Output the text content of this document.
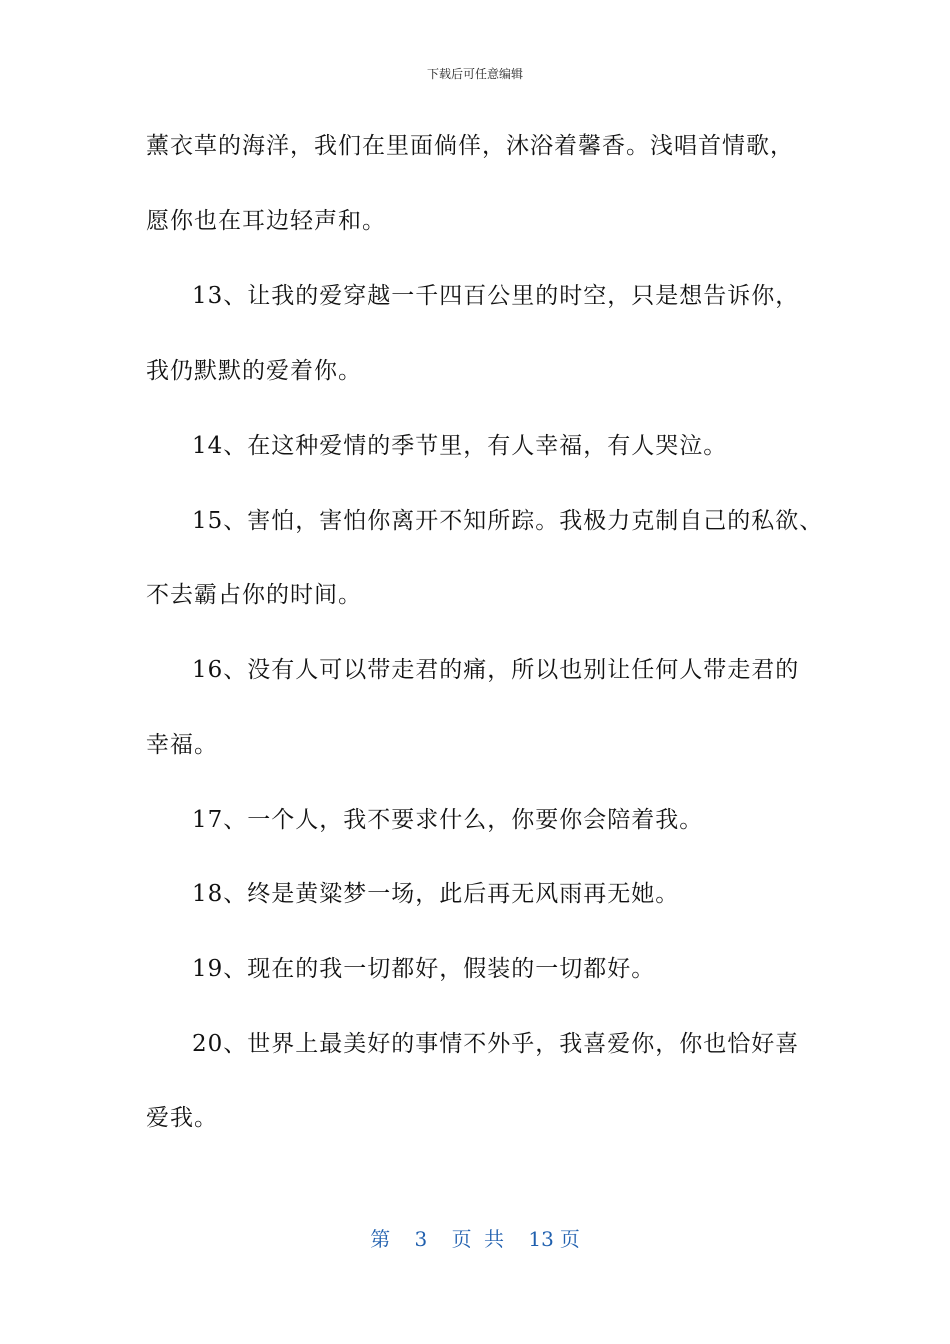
下载后可任意编辑
薰衣草的海洋，我们在里面倘佯，沐浴着馨香。浅唱首情歌，
愿你也在耳边轻声和。
13、让我的爱穿越一千四百公里的时空，只是想告诉你，
我仍默默的爱着你。
14、在这种爱情的季节里，有人幸福，有人哭泣。
15、害怕，害怕你离开不知所踪。我极力克制自己的私欲、
不去霸占你的时间。
16、没有人可以带走君的痛，所以也别让任何人带走君的
幸福。
17、一个人，我不要求什么，你要你会陪着我。
18、终是黄粱梦一场，此后再无风雨再无她。
19、现在的我一切都好，假装的一切都好。
20、世界上最美好的事情不外乎，我喜爱你，你也恰好喜
爱我。
第 3 页 共 13 页
